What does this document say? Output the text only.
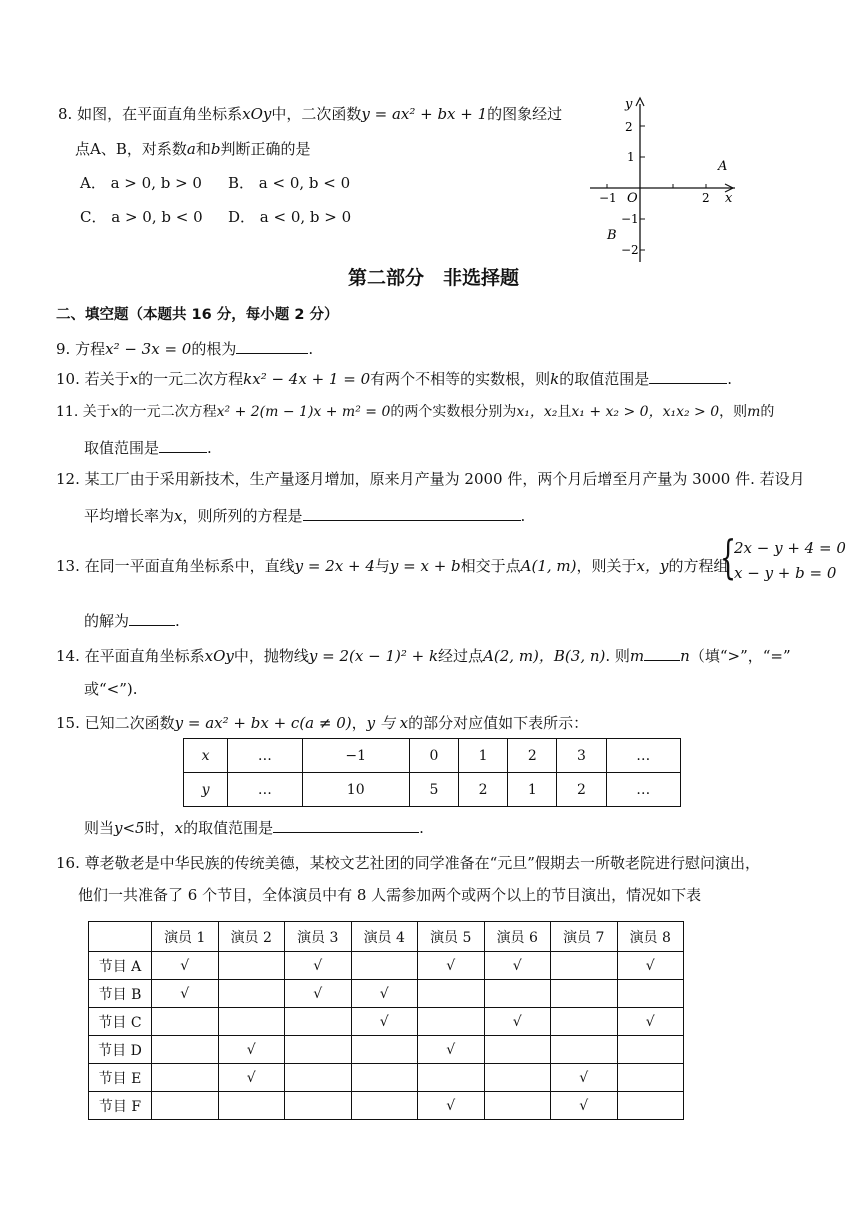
8. 如图，在平面直角坐标系xOy中，二次函数y = ax² + bx + 1的图象经过
点A、B，对系数a和b判断正确的是
A． a > 0, b > 0 B． a < 0, b < 0
C． a > 0, b < 0 D． a < 0, b > 0
y
2
1
−1
−2
−1	2 x
O
A
B
第二部分　非选择题
二、填空题（本题共 16 分，每小题 2 分）
9. 方程x² − 3x = 0的根为	.
10. 若关于x的一元二次方程kx² − 4x + 1 = 0有两个不相等的实数根，则k的取值范围是	.
11. 关于x的一元二次方程x² + 2(m − 1)x + m² = 0的两个实数根分别为x₁，x₂且x₁ + x₂ > 0，x₁x₂ > 0，则m的
取值范围是	.
12. 某工厂由于采用新技术，生产量逐月增加，原来月产量为 2000 件，两个月后增至月产量为 3000 件. 若设月
平均增长率为x，则所列的方程是	.
13. 在同一平面直角坐标系中，直线y = 2x + 4与y = x + b相交于点A(1, m)，则关于x，y的方程组
{
2x − y + 4 = 0
x − y + b = 0
的解为	.
14. 在平面直角坐标系xOy中，抛物线y = 2(x − 1)² + k经过点A(2, m)，B(3, n). 则m n（填“>”，“=”
或“<”).
15. 已知二次函数y = ax² + bx + c(a ≠ 0)，y 与 x的部分对应值如下表所示：
x	…	−1	0	1	2	3	…
y	…	10	5	2	1	2	…
则当y<5时，x的取值范围是	.
16. 尊老敬老是中华民族的传统美德，某校文艺社团的同学准备在“元旦”假期去一所敬老院进行慰问演出，
他们一共准备了 6 个节目，全体演员中有 8 人需参加两个或两个以上的节目演出，情况如下表
	演员 1	演员 2	演员 3	演员 4	演员 5	演员 6	演员 7	演员 8
节目 A	√		√		√	√		√
节目 B	√		√	√				
节目 C				√		√		√
节目 D		√			√			
节目 E		√					√	
节目 F					√		√	
